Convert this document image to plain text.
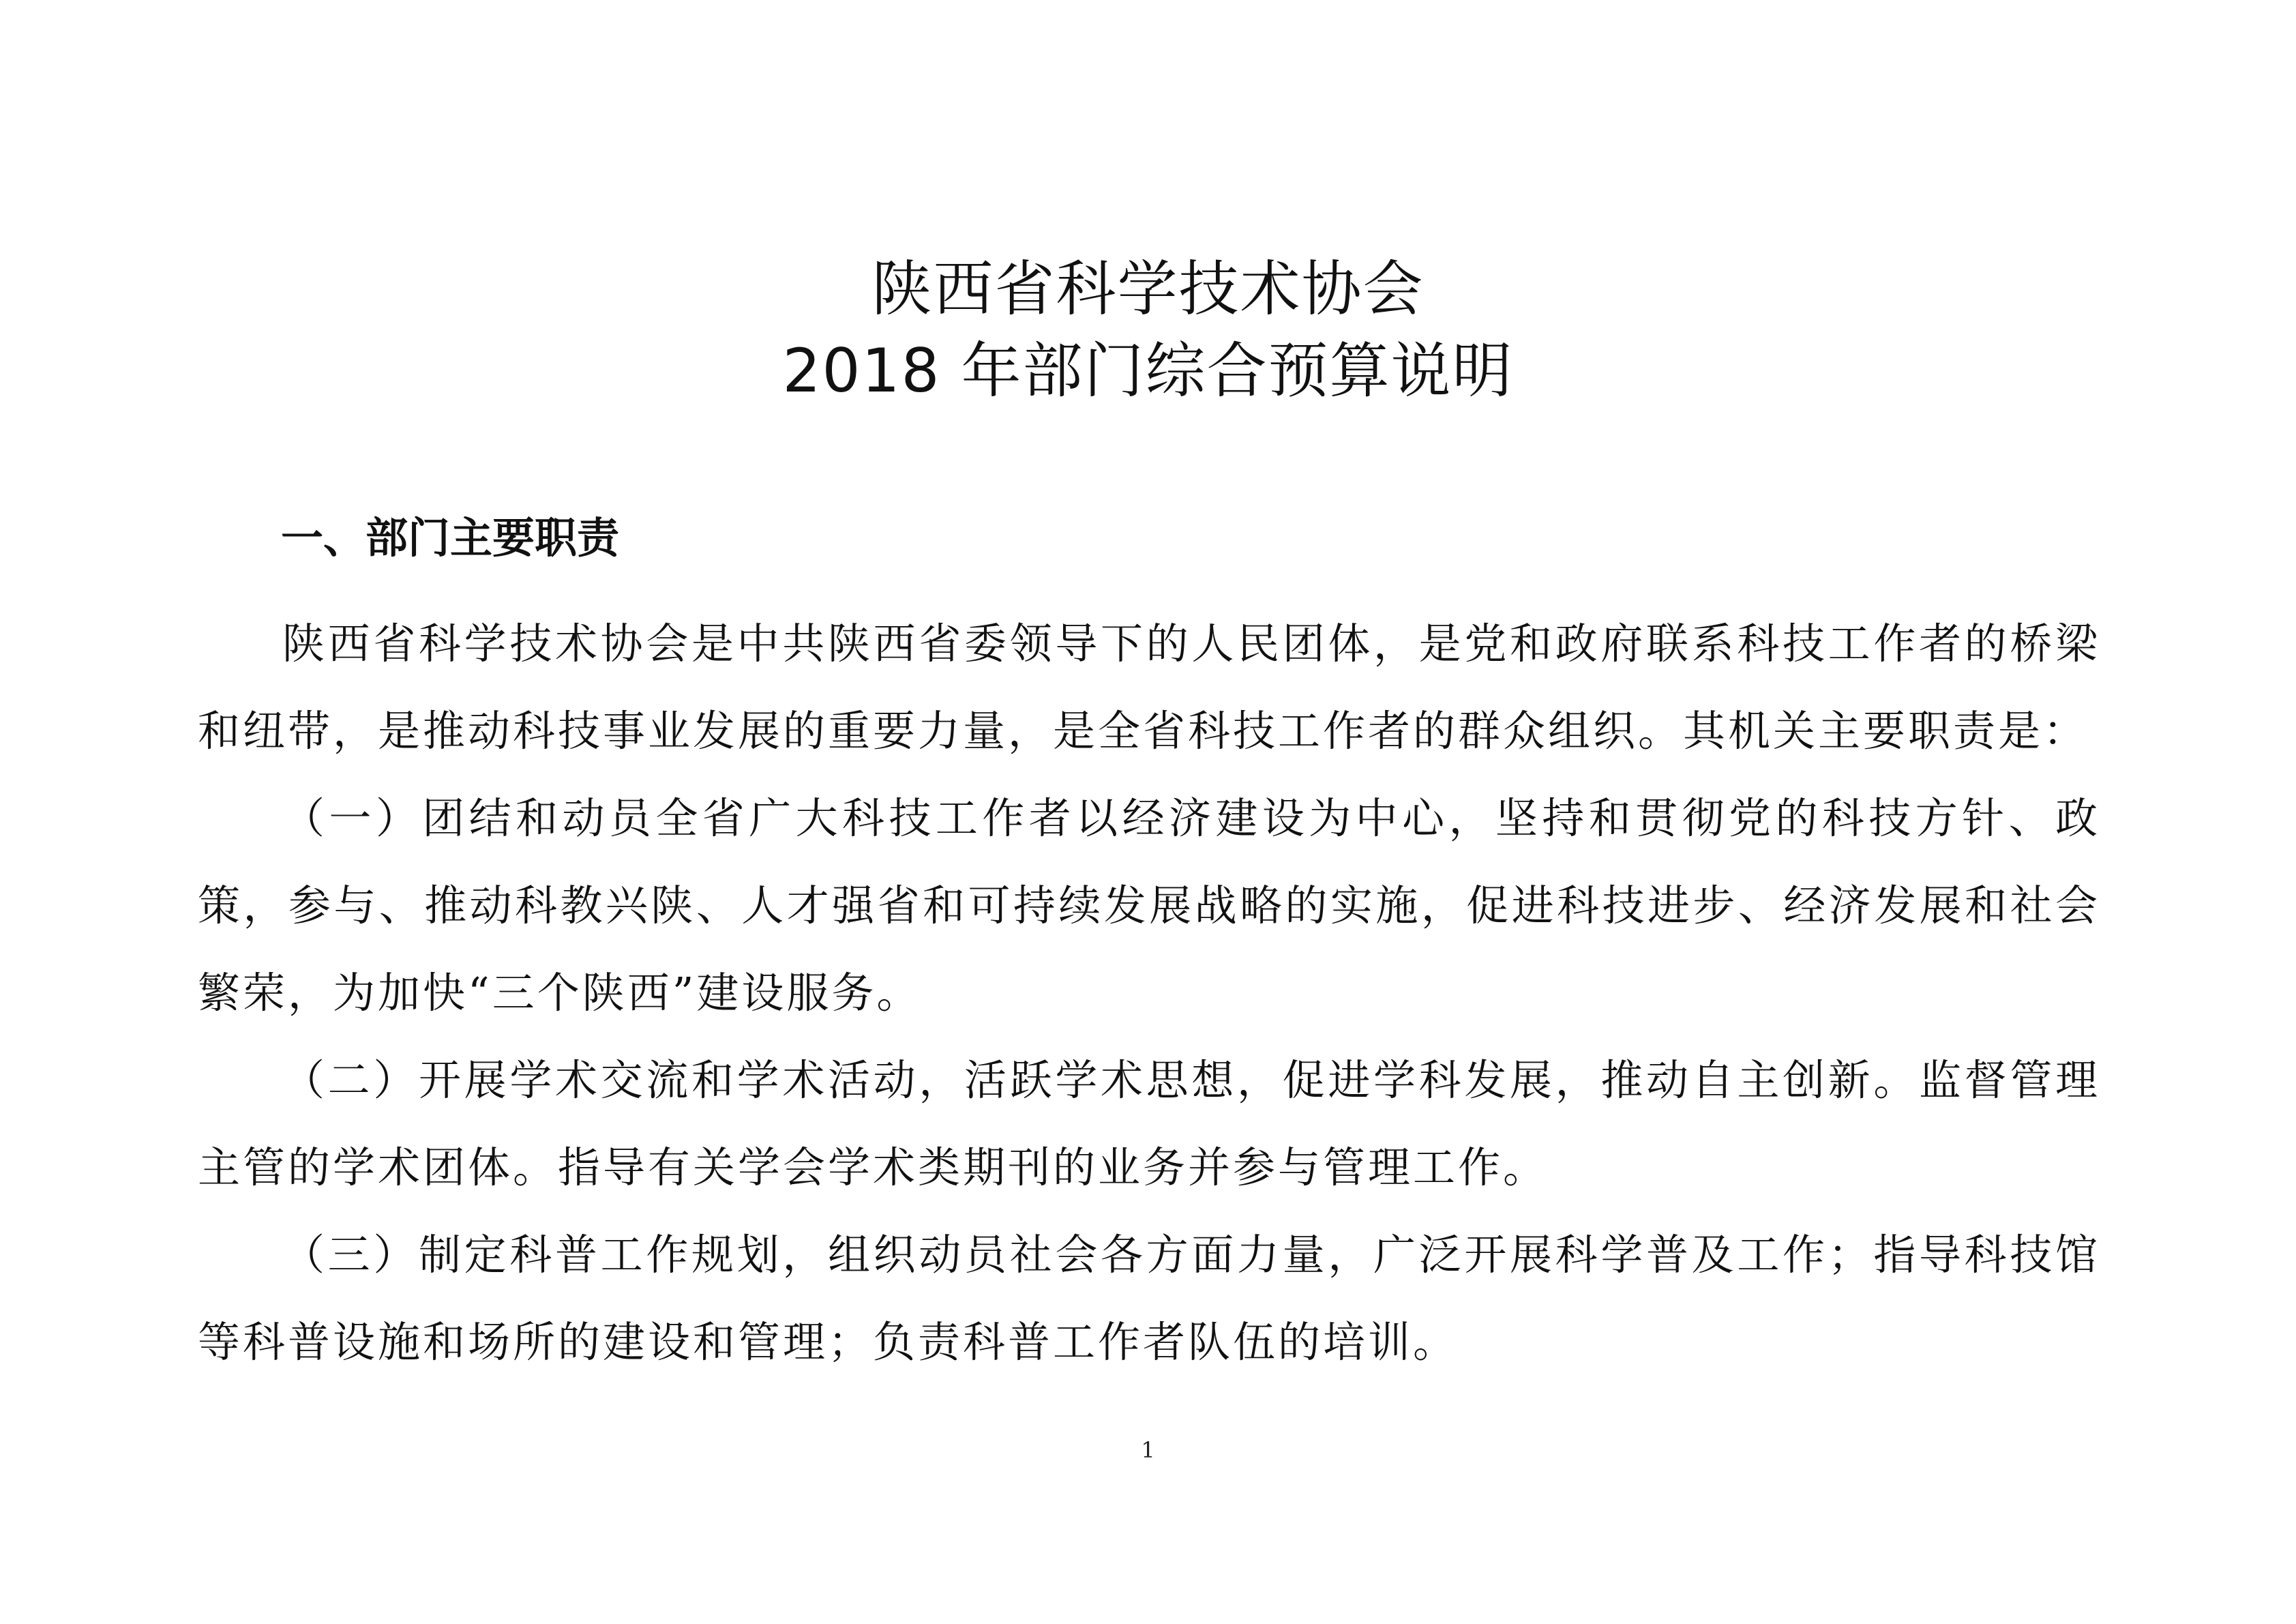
陕西省科学技术协会
2018 年部门综合预算说明
一、部门主要职责

陕西省科学技术协会是中共陕西省委领导下的人民团体，是党和政府联系科技工作者的桥梁和纽带，是推动科技事业发展的重要力量，是全省科技工作者的群众组织。其机关主要职责是：

（一）团结和动员全省广大科技工作者以经济建设为中心，坚持和贯彻党的科技方针、政策，参与、推动科教兴陕、人才强省和可持续发展战略的实施，促进科技进步、经济发展和社会繁荣，为加快“三个陕西”建设服务。

（二）开展学术交流和学术活动，活跃学术思想，促进学科发展，推动自主创新。监督管理主管的学术团体。指导有关学会学术类期刊的业务并参与管理工作。

（三）制定科普工作规划，组织动员社会各方面力量，广泛开展科学普及工作；指导科技馆等科普设施和场所的建设和管理；负责科普工作者队伍的培训。

1
